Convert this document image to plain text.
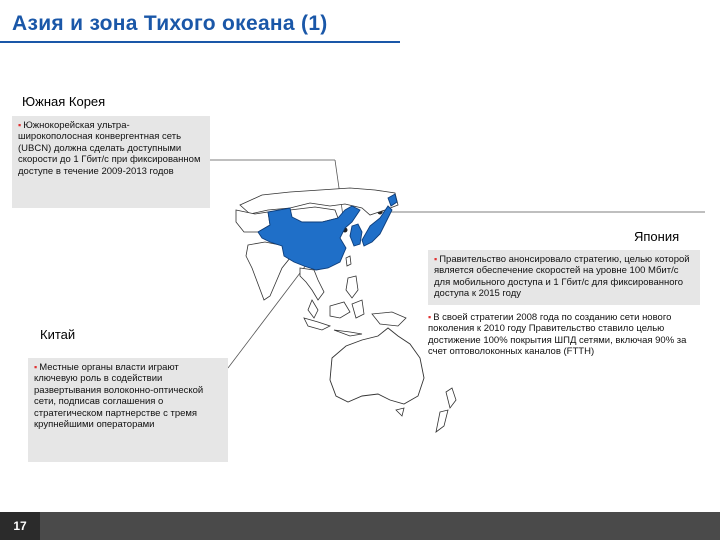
Азия и зона Тихого океана (1)
Южная Корея
▪ Южнокорейская ультра-широкополосная конвергентная сеть (UBCN) должна сделать доступными скорости до 1 Гбит/с при фиксированном доступе в течение 2009-2013 годов
Япония
▪ Правительство анонсировало стратегию, целью которой является обеспечение скоростей на уровне 100 Мбит/с для мобильного доступа и 1 Гбит/с для фиксированного доступа к 2015 году
▪ В своей стратегии 2008 года по созданию сети нового поколения к 2010 году Правительство ставило целью достижение 100% покрытия ШПД сетями, включая 90% за счет оптоволоконных каналов (FTTH)
Китай
▪ Местные органы власти играют ключевую роль в содействии развертывания волоконно-оптической сети, подписав соглашения о стратегическом партнерстве с тремя крупнейшими операторами
17
